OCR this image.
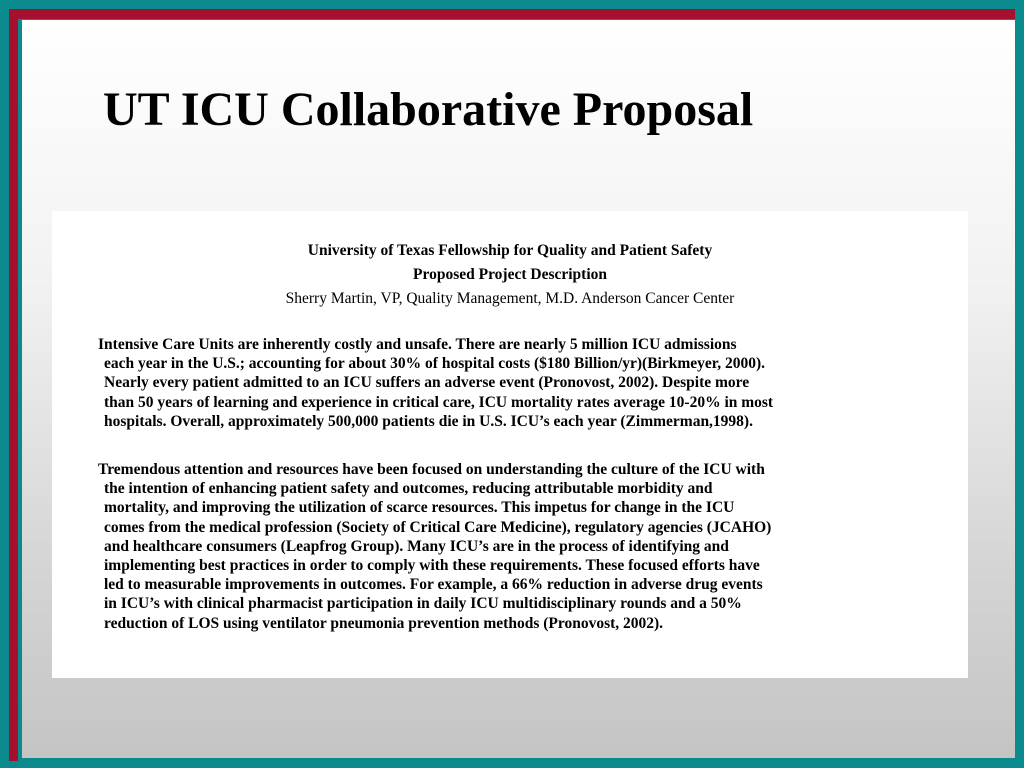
UT ICU Collaborative Proposal
University of Texas Fellowship for Quality and Patient Safety
Proposed Project Description
Sherry Martin, VP, Quality Management, M.D. Anderson Cancer Center

Intensive Care Units are inherently costly and unsafe. There are nearly 5 million ICU admissions
each year in the U.S.; accounting for about 30% of hospital costs ($180 Billion/yr)(Birkmeyer, 2000).
Nearly every patient admitted to an ICU suffers an adverse event (Pronovost, 2002). Despite more
than 50 years of learning and experience in critical care, ICU mortality rates average 10-20% in most
hospitals. Overall, approximately 500,000 patients die in U.S. ICU’s each year (Zimmerman,1998).

Tremendous attention and resources have been focused on understanding the culture of the ICU with
the intention of enhancing patient safety and outcomes, reducing attributable morbidity and
mortality, and improving the utilization of scarce resources. This impetus for change in the ICU
comes from the medical profession (Society of Critical Care Medicine), regulatory agencies (JCAHO)
and healthcare consumers (Leapfrog Group). Many ICU’s are in the process of identifying and
implementing best practices in order to comply with these requirements. These focused efforts have
led to measurable improvements in outcomes. For example, a 66% reduction in adverse drug events
in ICU’s with clinical pharmacist participation in daily ICU multidisciplinary rounds and a 50%
reduction of LOS using ventilator pneumonia prevention methods (Pronovost, 2002).
